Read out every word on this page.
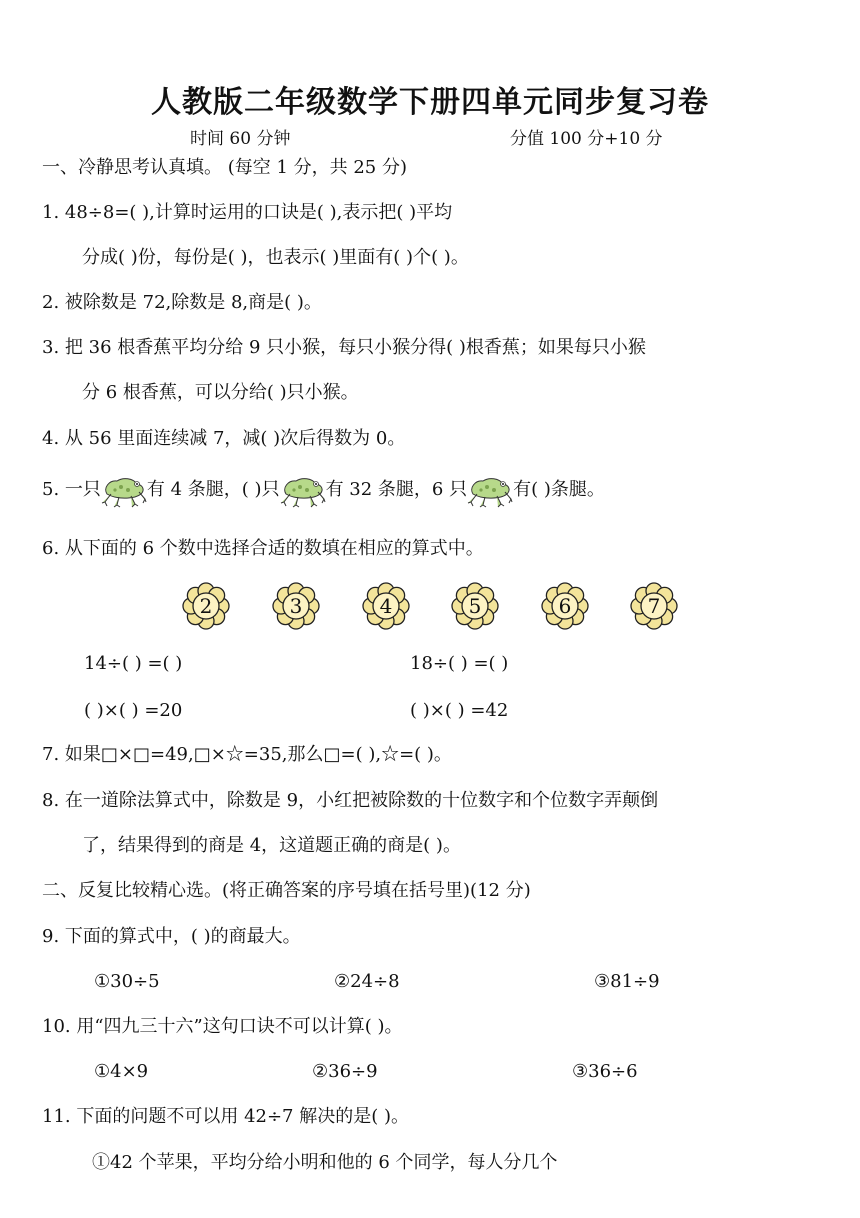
人教版二年级数学下册四单元同步复习卷
时间 60 分钟	分值 100 分+10 分
一、冷静思考认真填。 (每空 1 分，共 25 分)
1. 48÷8=( ),计算时运用的口诀是( ),表示把( )平均
分成( )份，每份是( )，也表示( )里面有( )个( )。
2. 被除数是 72,除数是 8,商是( )。
3. 把 36 根香蕉平均分给 9 只小猴，每只小猴分得( )根香蕉；如果每只小猴
分 6 根香蕉，可以分给( )只小猴。
4. 从 56 里面连续减 7，减( )次后得数为 0。
5. 一只	有 4 条腿，( )只	有 32 条腿，6 只	有( )条腿。
6. 从下面的 6 个数中选择合适的数填在相应的算式中。
2	3	4	5	6	7
14÷( ) =( )	18÷( ) =( )
( )×( ) =20	( )×( ) =42
7. 如果□×□=49,□×☆=35,那么□=( ),☆=( )。
8. 在一道除法算式中，除数是 9，小红把被除数的十位数字和个位数字弄颠倒
了，结果得到的商是 4，这道题正确的商是( )。
二、反复比较精心选。(将正确答案的序号填在括号里)(12 分)
9. 下面的算式中，( )的商最大。
①30÷5	②24÷8	③81÷9
10. 用“四九三十六”这句口诀不可以计算( )。
①4×9	②36÷9	③36÷6
11. 下面的问题不可以用 42÷7 解决的是( )。
①42 个苹果，平均分给小明和他的 6 个同学，每人分几个
